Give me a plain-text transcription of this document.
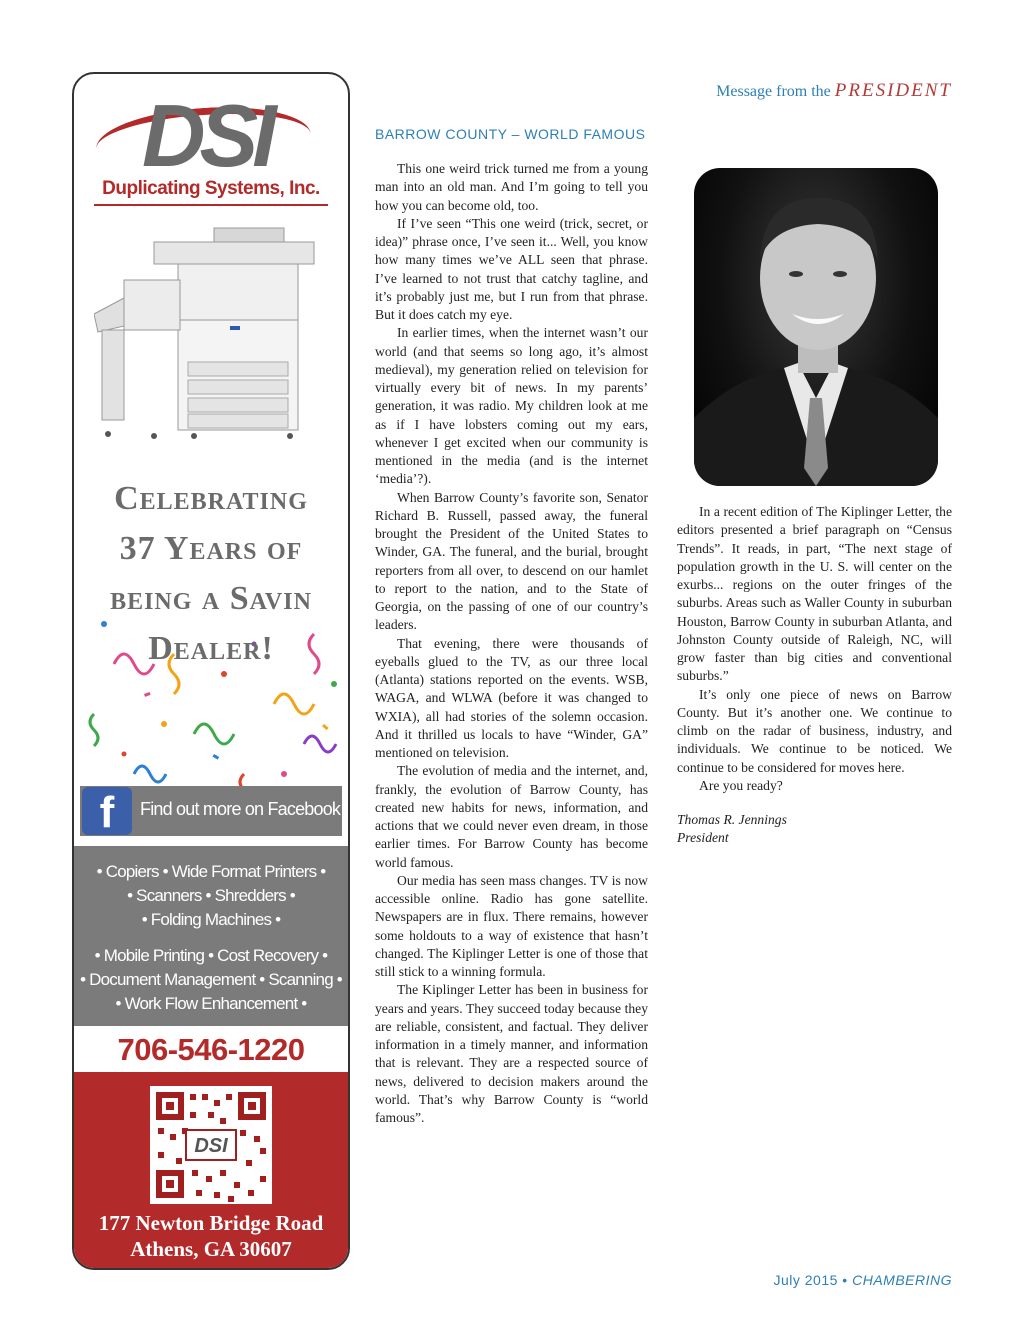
Message from the PRESIDENT
DSI
Duplicating Systems, Inc.
Celebrating
37 Years of
being a Savin
Dealer!
f	Find out more on Facebook
• Copiers • Wide Format Printers •
• Scanners • Shredders •
• Folding Machines •
• Mobile Printing • Cost Recovery •
• Document Management • Scanning •
• Work Flow Enhancement •
706-546-1220
DSI
177 Newton Bridge Road
Athens, GA 30607
BARROW COUNTY – WORLD FAMOUS

This one weird trick turned me from a young man into an old man. And I’m going to tell you how you can become old, too.

If I’ve seen “This one weird (trick, secret, or idea)” phrase once, I’ve seen it... Well, you know how many times we’ve ALL seen that phrase. I’ve learned to not trust that catchy tagline, and it’s probably just me, but I run from that phrase. But it does catch my eye.

In earlier times, when the internet wasn’t our world (and that seems so long ago, it’s almost medieval), my generation relied on television for virtually every bit of news. In my parents’ generation, it was radio. My children look at me as if I have lobsters coming out my ears, whenever I get excited when our community is mentioned in the media (and is the internet ‘media’?).

When Barrow County’s favorite son, Senator Richard B. Russell, passed away, the funeral brought the President of the United States to Winder, GA. The funeral, and the burial, brought reporters from all over, to descend on our hamlet to report to the nation, and to the State of Georgia, on the passing of one of our country’s leaders.

That evening, there were thousands of eyeballs glued to the TV, as our three local (Atlanta) stations reported on the events. WSB, WAGA, and WLWA (before it was changed to WXIA), all had stories of the solemn occasion. And it thrilled us locals to have “Winder, GA” mentioned on television.

The evolution of media and the internet, and, frankly, the evolution of Barrow County, has created new habits for news, information, and actions that we could never even dream, in those earlier times. For Barrow County has become world famous.

Our media has seen mass changes. TV is now accessible online. Radio has gone satellite. Newspapers are in flux. There remains, however some holdouts to a way of existence that hasn’t changed. The Kiplinger Letter is one of those that still stick to a winning formula.

The Kiplinger Letter has been in business for years and years. They succeed today because they are reliable, consistent, and factual. They deliver information in a timely manner, and information that is relevant. They are a respected source of news, delivered to decision makers around the world. That’s why Barrow County is “world famous”.

In a recent edition of The Kiplinger Letter, the editors presented a brief paragraph on “Census Trends”. It reads, in part, “The next stage of population growth in the U. S. will center on the exurbs... regions on the outer fringes of the suburbs. Areas such as Waller County in suburban Houston, Barrow County in suburban Atlanta, and Johnston County outside of Raleigh, NC, will grow faster than big cities and conventional suburbs.”

It’s only one piece of news on Barrow County. But it’s another one. We continue to climb on the radar of business, industry, and individuals. We continue to be noticed. We continue to be considered for moves here.

Are you ready?

Thomas R. Jennings

President

July 2015 • CHAMBERING
